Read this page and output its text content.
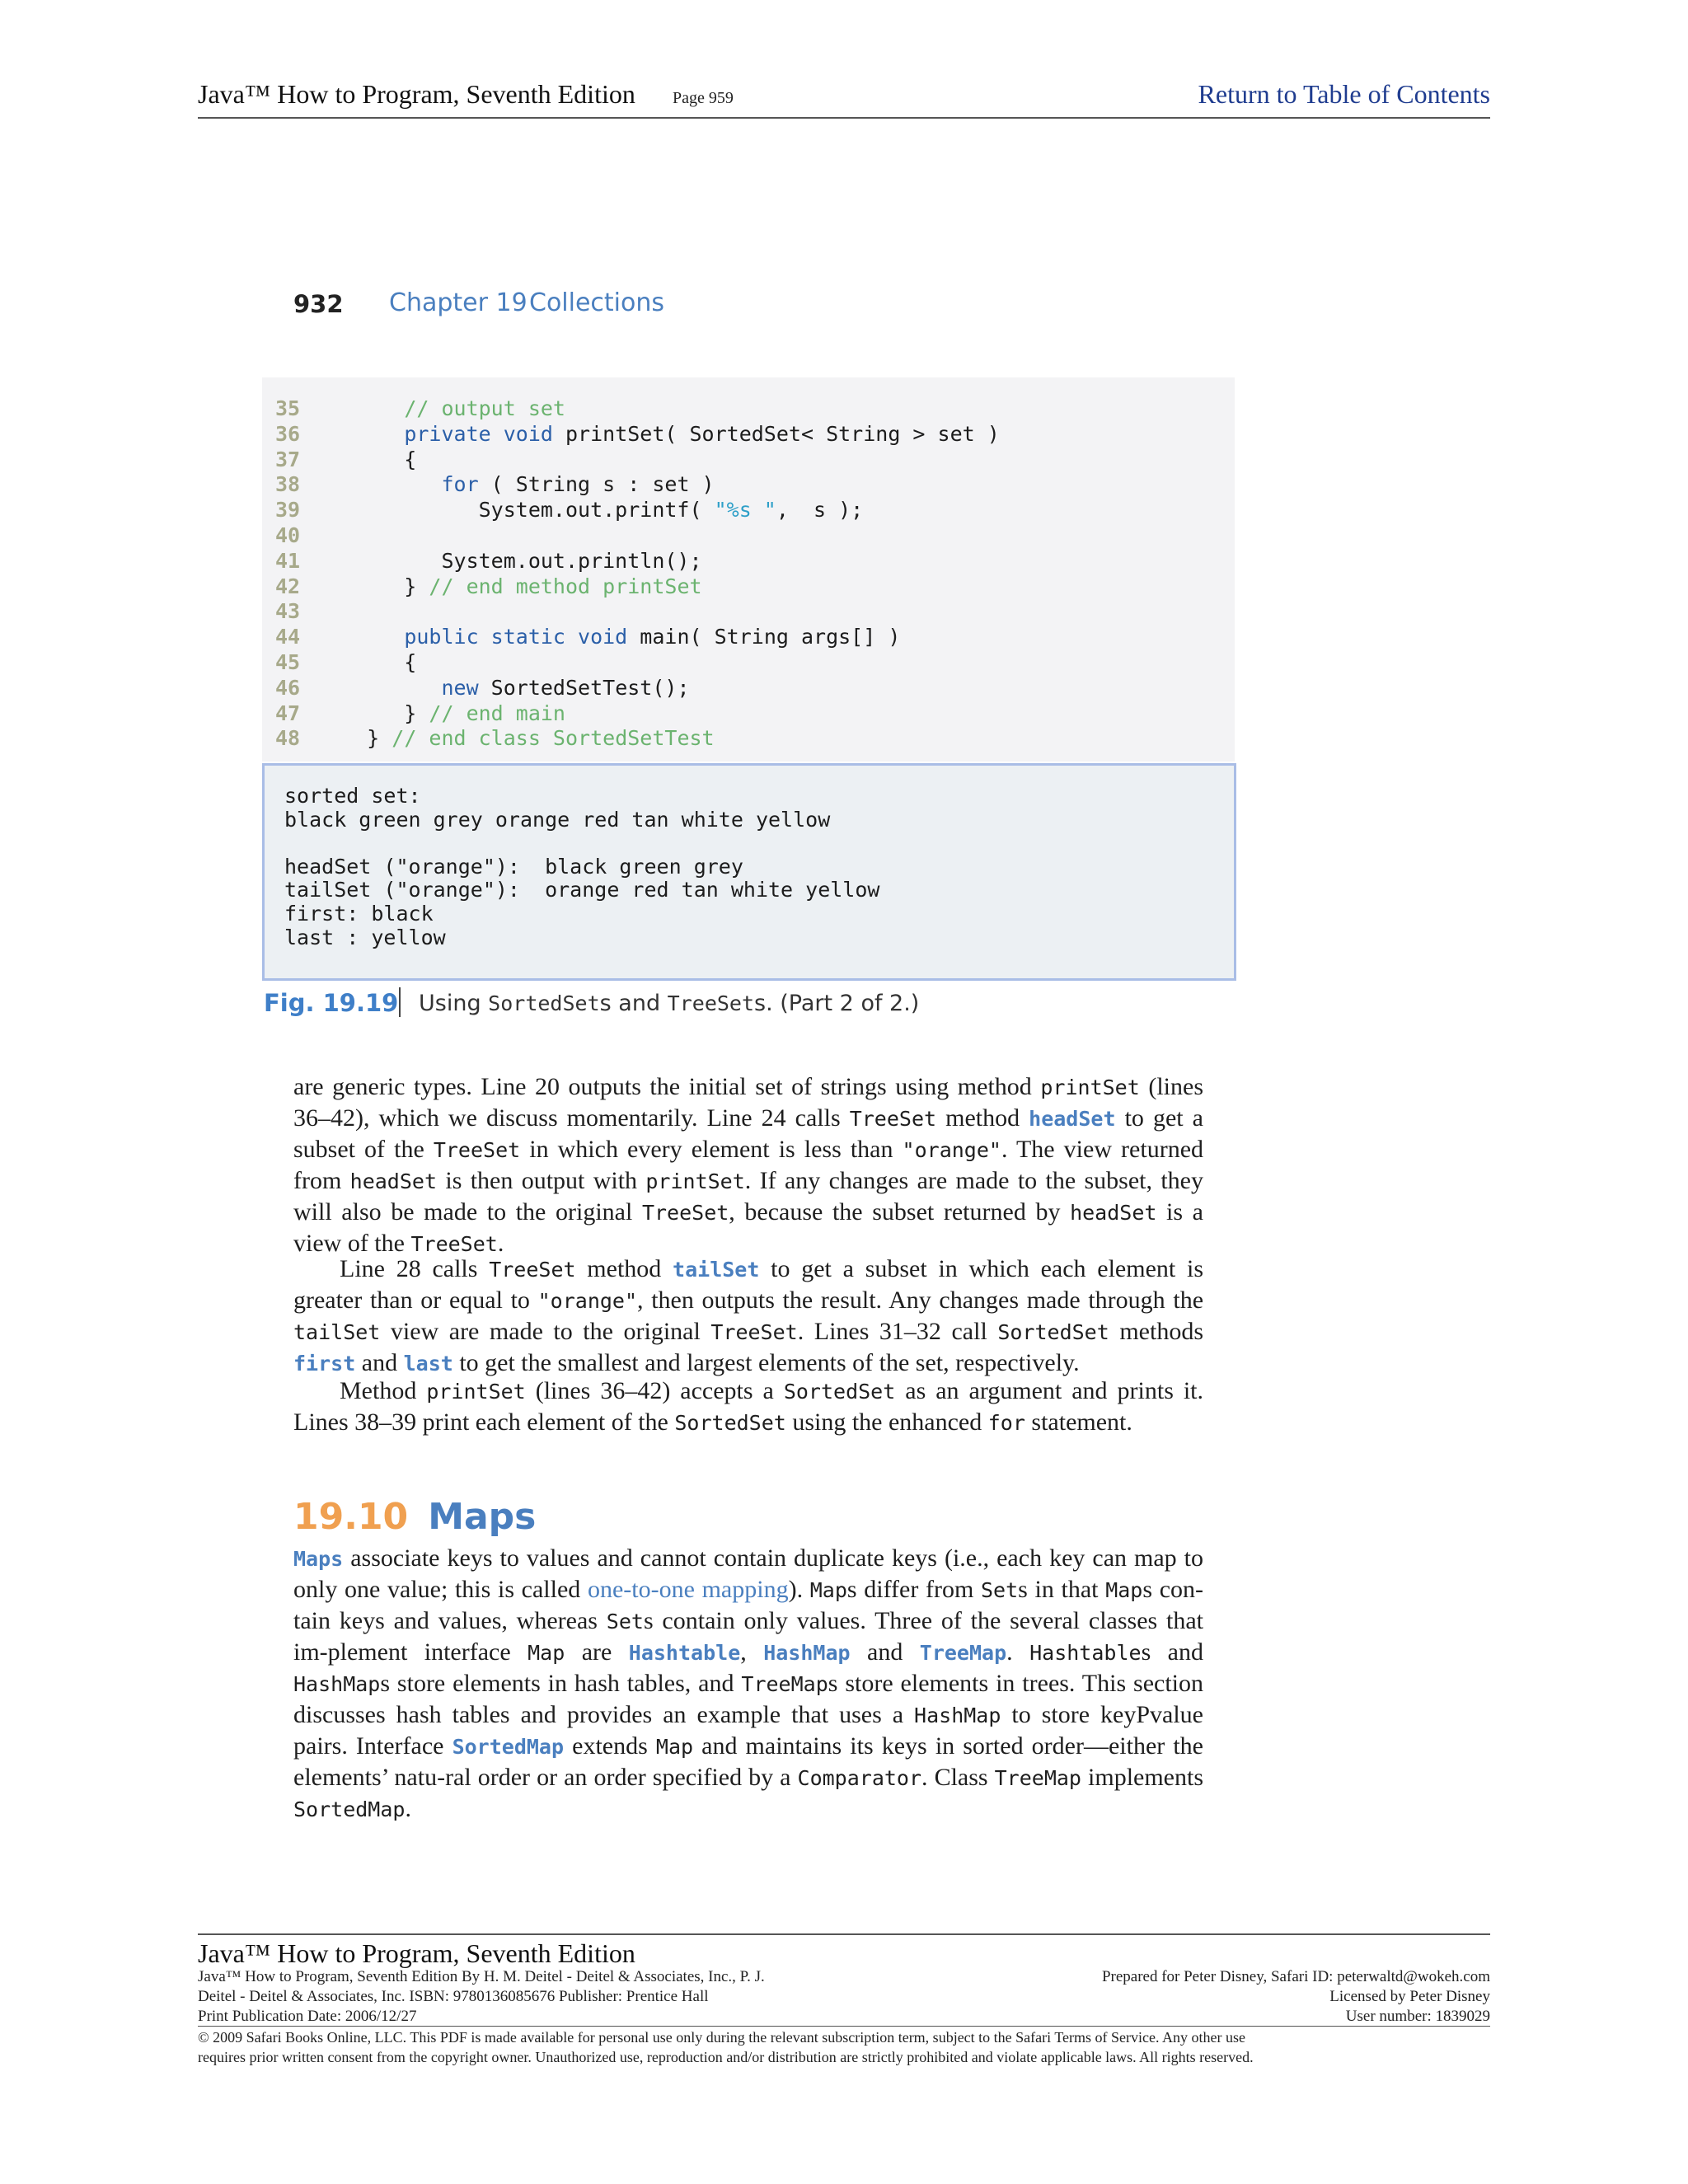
Java™ How to Program, Seventh Edition Page 959	Return to Table of Contents
932 Chapter 19 Collections
35	// output set
36	private void printSet( SortedSet< String > set )
37	{
38	for ( String s : set )
39	System.out.printf( "%s ",  s );
40
41	System.out.println();
42	} // end method printSet
43
44	public static void main( String args[] )
45	{
46	new SortedSetTest();
47	} // end main
48	} // end class SortedSetTest
sorted set:
black green grey orange red tan white yellow
headSet ("orange"):  black green grey
tailSet ("orange"):  orange red tan white yellow
first: black
last : yellow
Fig. 19.19 Using SortedSets and TreeSets. (Part 2 of 2.)
are generic types. Line 20 outputs the initial set of strings using method printSet (lines 36–42), which we discuss momentarily. Line 24 calls TreeSet method headSet to get a subset of the TreeSet in which every element is less than "orange". The view returned from headSet is then output with printSet. If any changes are made to the subset, they will also be made to the original TreeSet, because the subset returned by headSet is a view of the TreeSet.
Line 28 calls TreeSet method tailSet to get a subset in which each element is greater than or equal to "orange", then outputs the result. Any changes made through the tailSet view are made to the original TreeSet. Lines 31–32 call SortedSet methods first and last to get the smallest and largest elements of the set, respectively.
Method printSet (lines 36–42) accepts a SortedSet as an argument and prints it. Lines 38–39 print each element of the SortedSet using the enhanced for statement.
19.10 Maps
Maps associate keys to values and cannot contain duplicate keys (i.e., each key can map to only one value; this is called one-to-one mapping). Maps differ from Sets in that Maps con-tain keys and values, whereas Sets contain only values. Three of the several classes that im-plement interface Map are Hashtable, HashMap and TreeMap. Hashtables and HashMaps store elements in hash tables, and TreeMaps store elements in trees. This section discusses hash tables and provides an example that uses a HashMap to store keyPvalue pairs. Interface SortedMap extends Map and maintains its keys in sorted order—either the elements’ natu-ral order or an order specified by a Comparator. Class TreeMap implements SortedMap.
Java™ How to Program, Seventh Edition
Java™ How to Program, Seventh Edition By H. M. Deitel - Deitel & Associates, Inc., P. J.
Deitel - Deitel & Associates, Inc. ISBN: 9780136085676 Publisher: Prentice Hall
Print Publication Date: 2006/12/27
Prepared for Peter Disney, Safari ID: peterwaltd@wokeh.com
Licensed by Peter Disney
User number: 1839029
© 2009 Safari Books Online, LLC. This PDF is made available for personal use only during the relevant subscription term, subject to the Safari Terms of Service. Any other use
requires prior written consent from the copyright owner. Unauthorized use, reproduction and/or distribution are strictly prohibited and violate applicable laws. All rights reserved.
